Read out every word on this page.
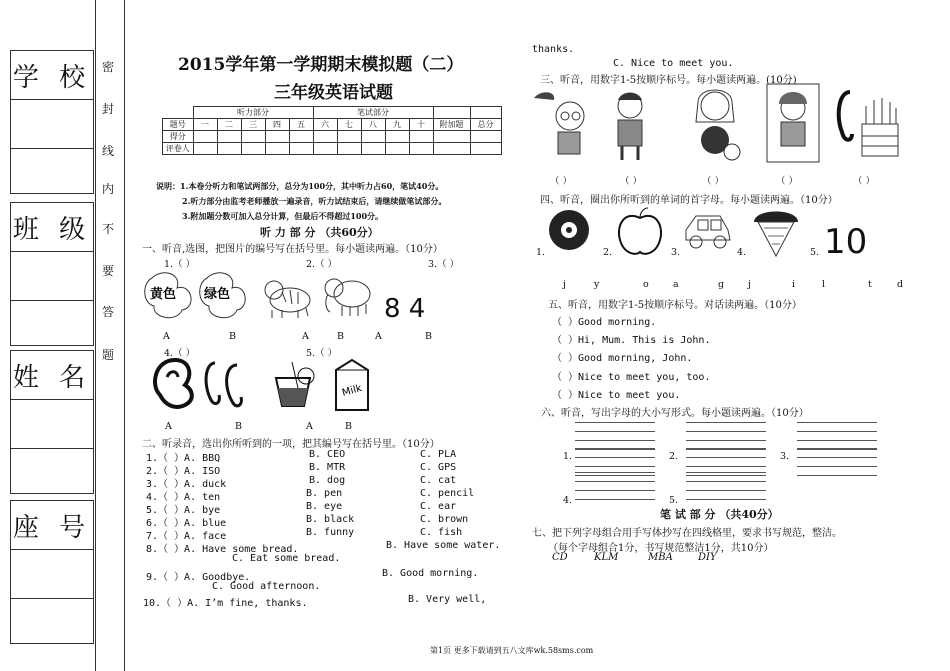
学 校
班 级
姓 名
座 号
密
封
线
内
不
要
答
题
2015学年第一学期期末模拟题（二）
三年级英语试题
	听力部分					笔试部分						
题号	一	二	三	四	五	六	七	八	九	十	附加题	总分
得分												
评卷人												
说明：1.本卷分听力和笔试两部分，总分为100分，其中听力占60，笔试40分。
2.听力部分由监考老师播放一遍录音，听力试结束后，请继续做笔试部分。
3.附加题分数可加入总分计算，但最后不得超过100分。
听 力 部 分 （共60分）
一、听音,选图，把图片的编号写在括号里。每小题读两遍。（10分）
1.（ ）	2.（ ）	3.（ ）
黄色 绿色	8 4
A	B	A	B	A	B
4.（ ）	5.（ ）
Milk
A	B	A	B
二、听录音，选出你所听到的一项，把其编号写在括号里。（10分）
1.（ ）A. BBQ	B. CEO	C. PLA
2.（ ）A. ISO	B. MTR	C. GPS
3.（ ）A. duck	B. dog	C. cat
4.（ ）A. ten	B. pen	C. pencil
5.（ ）A. bye	B. eye	C. ear
6.（ ）A. blue	B. black	C. brown
7.（ ）A. face	B. funny	C. fish
8.（ ）A. Have some bread.	B. Have some water.
C. Eat some bread.
9.（ ）A. Goodbye.	B. Good morning.
C. Good afternoon.
10.（ ）A. I’m fine, thanks.	B. Very well,
thanks.
C. Nice to meet you.
三、听音，用数字1-5按顺序标号。每小题读两遍。(10分)
（ ）	（ ）	（ ）	（ ）	（ ）
四、听音，圈出你所听到的单词的首字母。每小题读两遍。（10分）
1.	2.	3.	4.	5. 10
j	y	o	a	g	j	i	l	t	d
五、听音，用数字1-5按顺序标号。对话读两遍。（10分）
（ ）Good morning.
（ ）Hi, Mum. This is John.
（ ）Good morning, John.
（ ）Nice to meet you, too.
（ ）Nice to meet you.
六、听音，写出字母的大小写形式。每小题读两遍。（10分）
1.	2.	3.
4.	5.
笔 试 部 分 （共40分）
七、把下列字母组合用手写体抄写在四线格里，要求书写规范，整洁。
（每个字母组合1分，书写规范整洁1分，共10分）
CD	KLM	MBA	DIY
第1页 更多下载请到五八文库wk.58sms.com
